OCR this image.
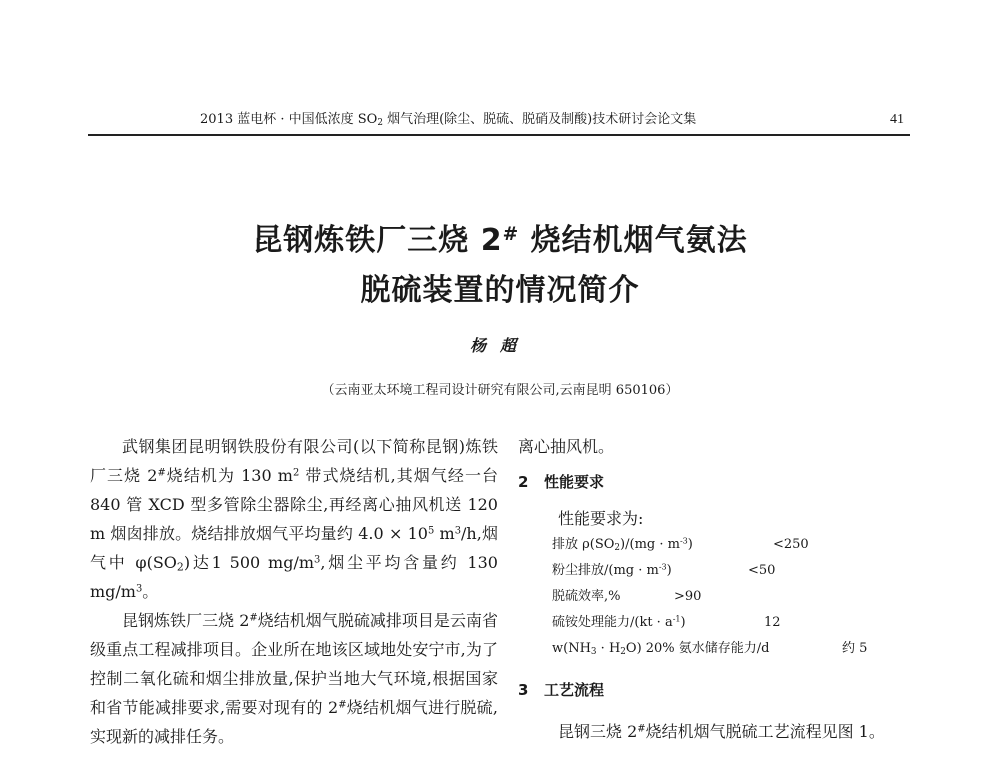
2013 蓝电杯 · 中国低浓度 $SO_2$ 烟气治理(除尘、脱硫、脱硝及制酸)技术研讨会论文集	41
昆钢炼铁厂三烧 2# 烧结机烟气氨法
脱硫装置的情况简介
杨超
（云南亚太环境工程司设计研究有限公司,云南昆明 650106）

武钢集团昆明钢铁股份有限公司(以下简称昆钢)炼铁厂三烧 2#烧结机为 130 $m^2$ 带式烧结机,其烟气经一台 840 管 XCD 型多管除尘器除尘,再经离心抽风机送 120 m 烟囱排放。烧结排放烟气平均量约 $4.0 \times 10^5$ $m^3/h$,烟气中 $\varphi(SO_2)$达1 500 $mg/m^3$,烟尘平均含量约 130 $mg/m^3$。

昆钢炼铁厂三烧 2#烧结机烟气脱硫减排项目是云南省级重点工程减排项目。企业所在地该区域地处安宁市,为了控制二氧化硫和烟尘排放量,保护当地大气环境,根据国家和省节能减排要求,需要对现有的 2#烧结机烟气进行脱硫,实现新的减排任务。

离心抽风机。
2 性能要求
性能要求为:
排放 $\rho(SO_2)/(mg \cdot m^{-3})$	<250
粉尘排放$/(mg \cdot m^{-3})$	<50
脱硫效率,%	>90
硫铵处理能力$/(kt \cdot a^{-1})$	12
$w(NH_3 \cdot H_2O)$ 20% 氨水储存能力/d	约 5
3 工艺流程
昆钢三烧 2#烧结机烟气脱硫工艺流程见图 1。
